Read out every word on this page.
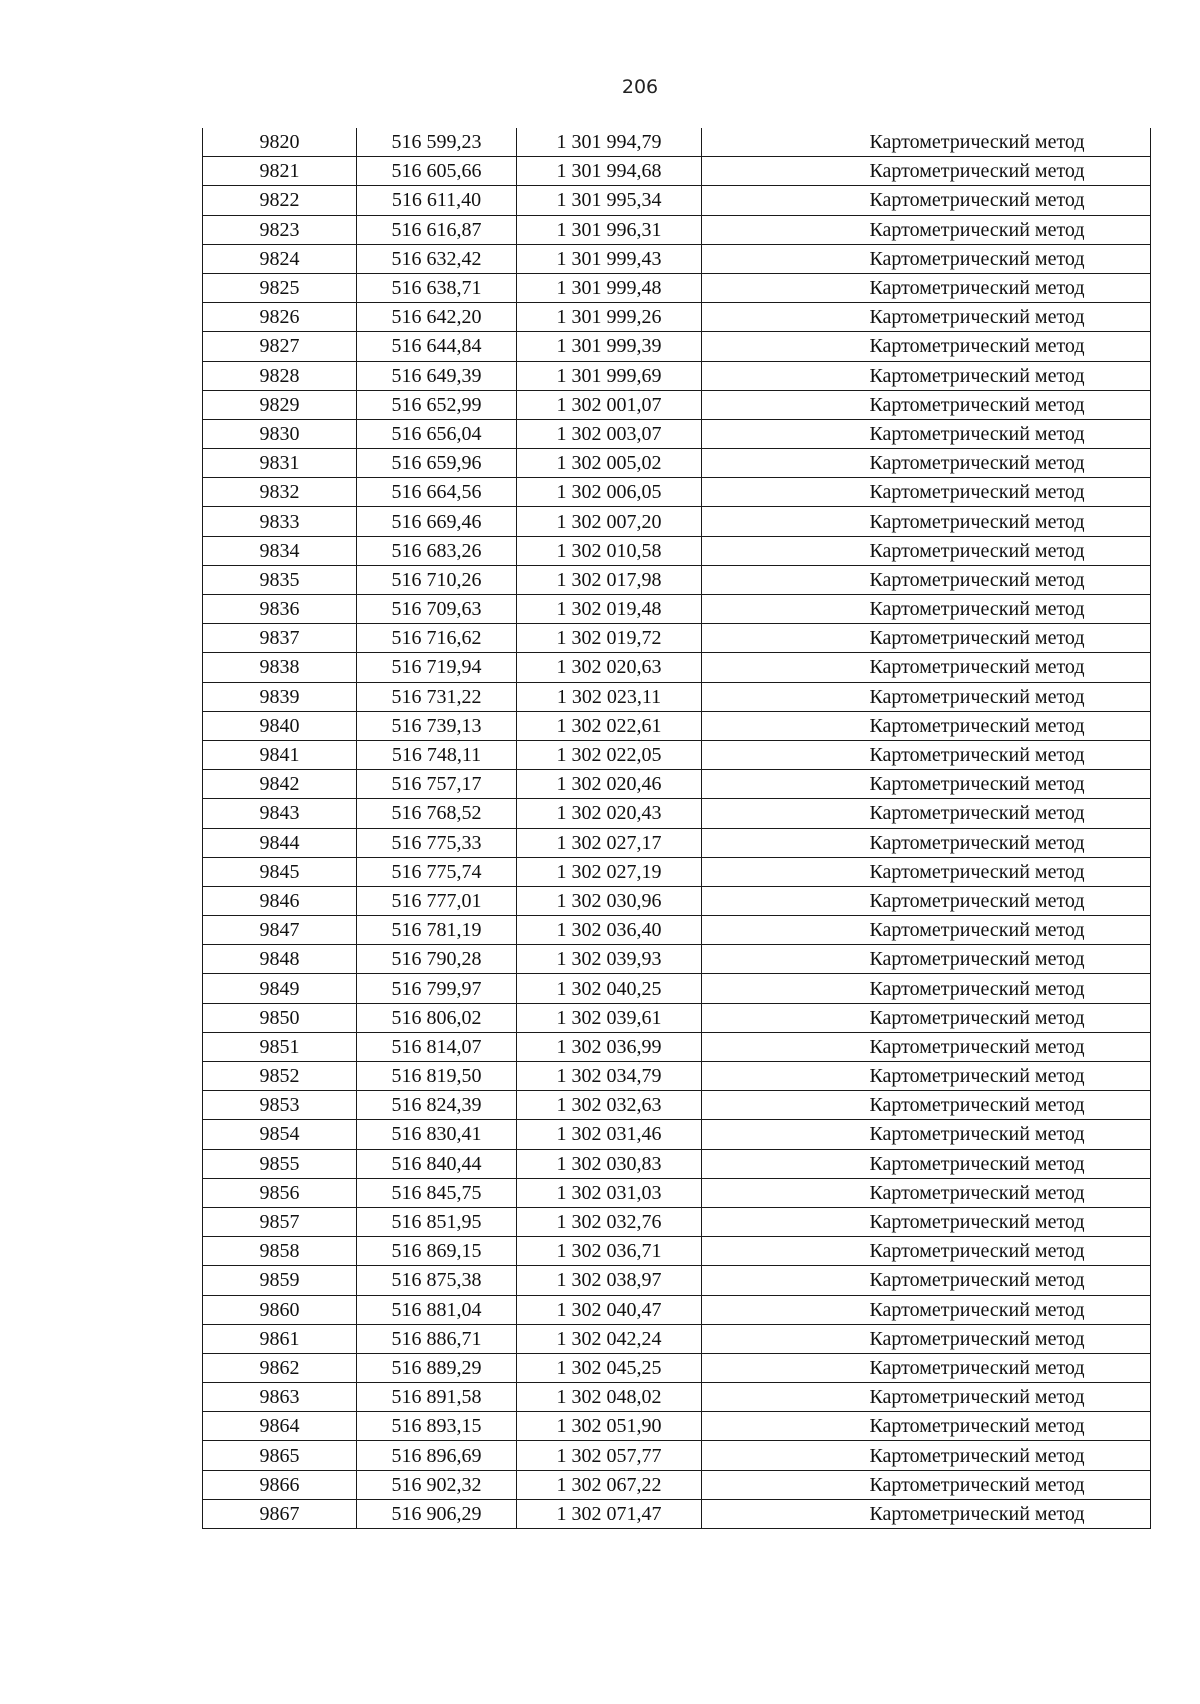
206
9820	516 599,23	1 301 994,79	Картометрический метод
9821	516 605,66	1 301 994,68	Картометрический метод
9822	516 611,40	1 301 995,34	Картометрический метод
9823	516 616,87	1 301 996,31	Картометрический метод
9824	516 632,42	1 301 999,43	Картометрический метод
9825	516 638,71	1 301 999,48	Картометрический метод
9826	516 642,20	1 301 999,26	Картометрический метод
9827	516 644,84	1 301 999,39	Картометрический метод
9828	516 649,39	1 301 999,69	Картометрический метод
9829	516 652,99	1 302 001,07	Картометрический метод
9830	516 656,04	1 302 003,07	Картометрический метод
9831	516 659,96	1 302 005,02	Картометрический метод
9832	516 664,56	1 302 006,05	Картометрический метод
9833	516 669,46	1 302 007,20	Картометрический метод
9834	516 683,26	1 302 010,58	Картометрический метод
9835	516 710,26	1 302 017,98	Картометрический метод
9836	516 709,63	1 302 019,48	Картометрический метод
9837	516 716,62	1 302 019,72	Картометрический метод
9838	516 719,94	1 302 020,63	Картометрический метод
9839	516 731,22	1 302 023,11	Картометрический метод
9840	516 739,13	1 302 022,61	Картометрический метод
9841	516 748,11	1 302 022,05	Картометрический метод
9842	516 757,17	1 302 020,46	Картометрический метод
9843	516 768,52	1 302 020,43	Картометрический метод
9844	516 775,33	1 302 027,17	Картометрический метод
9845	516 775,74	1 302 027,19	Картометрический метод
9846	516 777,01	1 302 030,96	Картометрический метод
9847	516 781,19	1 302 036,40	Картометрический метод
9848	516 790,28	1 302 039,93	Картометрический метод
9849	516 799,97	1 302 040,25	Картометрический метод
9850	516 806,02	1 302 039,61	Картометрический метод
9851	516 814,07	1 302 036,99	Картометрический метод
9852	516 819,50	1 302 034,79	Картометрический метод
9853	516 824,39	1 302 032,63	Картометрический метод
9854	516 830,41	1 302 031,46	Картометрический метод
9855	516 840,44	1 302 030,83	Картометрический метод
9856	516 845,75	1 302 031,03	Картометрический метод
9857	516 851,95	1 302 032,76	Картометрический метод
9858	516 869,15	1 302 036,71	Картометрический метод
9859	516 875,38	1 302 038,97	Картометрический метод
9860	516 881,04	1 302 040,47	Картометрический метод
9861	516 886,71	1 302 042,24	Картометрический метод
9862	516 889,29	1 302 045,25	Картометрический метод
9863	516 891,58	1 302 048,02	Картометрический метод
9864	516 893,15	1 302 051,90	Картометрический метод
9865	516 896,69	1 302 057,77	Картометрический метод
9866	516 902,32	1 302 067,22	Картометрический метод
9867	516 906,29	1 302 071,47	Картометрический метод
